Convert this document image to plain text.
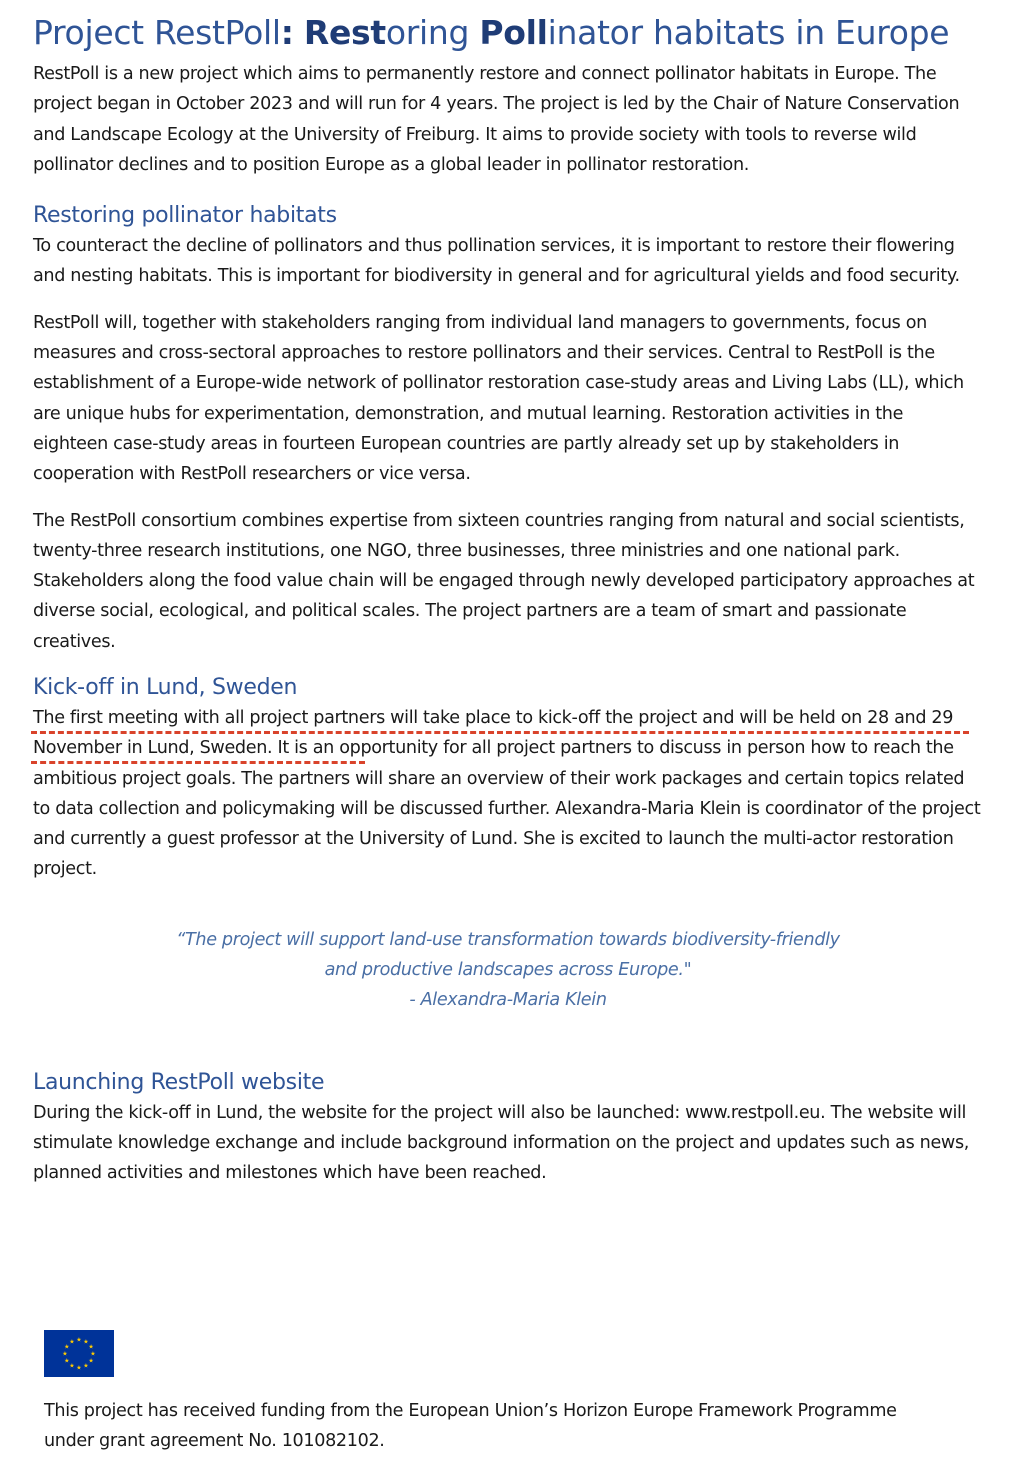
Project RestPoll: Restoring Pollinator habitats in Europe

RestPoll is a new project which aims to permanently restore and connect pollinator habitats in Europe. The project began in October 2023 and will run for 4 years. The project is led by the Chair of Nature Conservation and Landscape Ecology at the University of Freiburg. It aims to provide society with tools to reverse wild pollinator declines and to position Europe as a global leader in pollinator restoration.

Restoring pollinator habitats

To counteract the decline of pollinators and thus pollination services, it is important to restore their flowering and nesting habitats. This is important for biodiversity in general and for agricultural yields and food security.

RestPoll will, together with stakeholders ranging from individual land managers to governments, focus on measures and cross-sectoral approaches to restore pollinators and their services. Central to RestPoll is the establishment of a Europe-wide network of pollinator restoration case-study areas and Living Labs (LL), which are unique hubs for experimentation, demonstration, and mutual learning. Restoration activities in the eighteen case-study areas in fourteen European countries are partly already set up by stakeholders in cooperation with RestPoll researchers or vice versa.

The RestPoll consortium combines expertise from sixteen countries ranging from natural and social scientists, twenty-three research institutions, one NGO, three businesses, three ministries and one national park. Stakeholders along the food value chain will be engaged through newly developed participatory approaches at diverse social, ecological, and political scales. The project partners are a team of smart and passionate creatives.

Kick-off in Lund, Sweden

The first meeting with all project partners will take place to kick-off the project and will be held on 28 and 29 November in Lund, Sweden. It is an opportunity for all project partners to discuss in person how to reach the ambitious project goals. The partners will share an overview of their work packages and certain topics related to data collection and policymaking will be discussed further. Alexandra-Maria Klein is coordinator of the project and currently a guest professor at the University of Lund. She is excited to launch the multi-actor restoration project.

“The project will support land-use transformation towards biodiversity-friendly
and productive landscapes across Europe."
- Alexandra-Maria Klein
Launching RestPoll website

During the kick-off in Lund, the website for the project will also be launched: www.restpoll.eu. The website will stimulate knowledge exchange and include background information on the project and updates such as news, planned activities and milestones which have been reached.

★ ★
★
★
★
★
★
★
★
★
★
★

This project has received funding from the European Union’s Horizon Europe Framework Programme under grant agreement No. 101082102.
